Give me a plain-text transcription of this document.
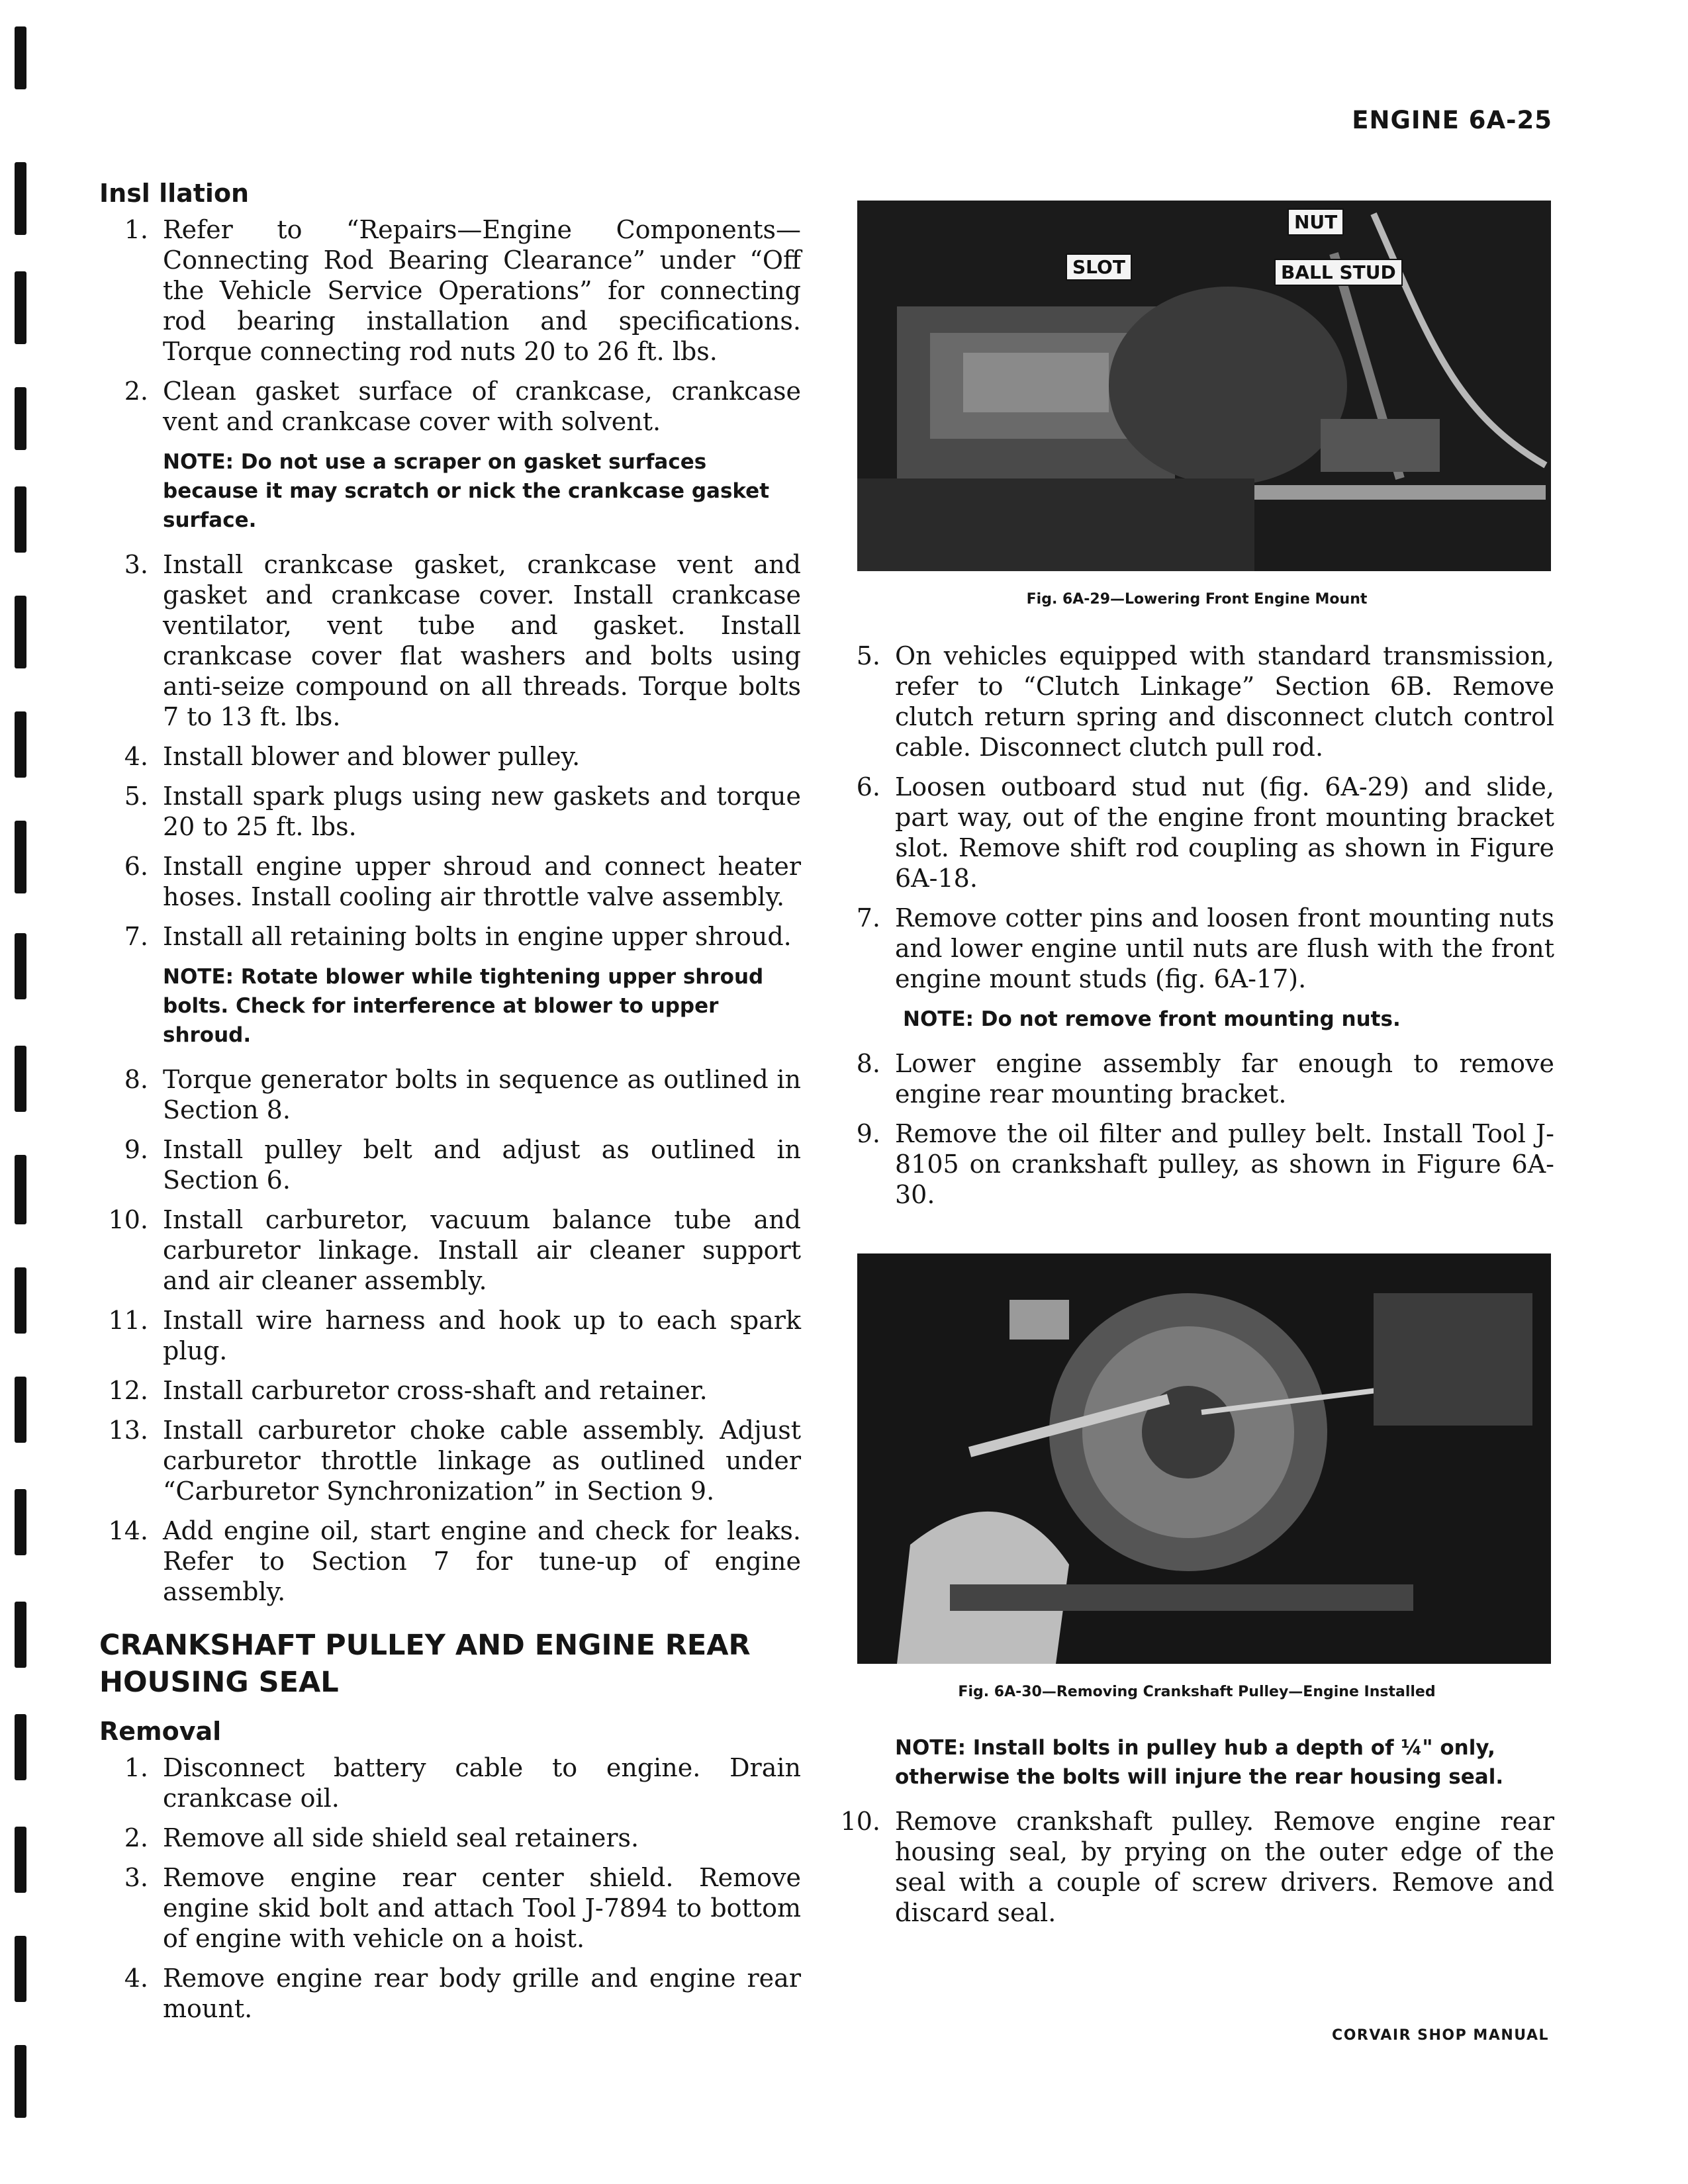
ENGINE 6A-25
Insl llation
1. Refer to “Repairs—Engine Components—Connecting Rod Bearing Clearance” under “Off the Vehicle Service Operations” for connecting rod bearing installation and specifications. Torque connecting rod nuts 20 to 26 ft. lbs.
2. Clean gasket surface of crankcase, crankcase vent and crankcase cover with solvent.
NOTE: Do not use a scraper on gasket surfaces because it may scratch or nick the crankcase gasket surface.
3. Install crankcase gasket, crankcase vent and gasket and crankcase cover. Install crankcase ventilator, vent tube and gasket. Install crankcase cover flat washers and bolts using anti-seize compound on all threads. Torque bolts 7 to 13 ft. lbs.
4. Install blower and blower pulley.
5. Install spark plugs using new gaskets and torque 20 to 25 ft. lbs.
6. Install engine upper shroud and connect heater hoses. Install cooling air throttle valve assembly.
7. Install all retaining bolts in engine upper shroud.
NOTE: Rotate blower while tightening upper shroud bolts. Check for interference at blower to upper shroud.
8. Torque generator bolts in sequence as outlined in Section 8.
9. Install pulley belt and adjust as outlined in Section 6.
10. Install carburetor, vacuum balance tube and carburetor linkage. Install air cleaner support and air cleaner assembly.
11. Install wire harness and hook up to each spark plug.
12. Install carburetor cross-shaft and retainer.
13. Install carburetor choke cable assembly. Adjust carburetor throttle linkage as outlined under “Carburetor Synchronization” in Section 9.
14. Add engine oil, start engine and check for leaks. Refer to Section 7 for tune-up of engine assembly.
CRANKSHAFT PULLEY AND ENGINE REAR
HOUSING SEAL
Removal
1. Disconnect battery cable to engine. Drain crankcase oil.
2. Remove all side shield seal retainers.
3. Remove engine rear center shield. Remove engine skid bolt and attach Tool J-7894 to bottom of engine with vehicle on a hoist.
4. Remove engine rear body grille and engine rear mount.
NUT
SLOT	BALL STUD
Fig. 6A-29—Lowering Front Engine Mount
5. On vehicles equipped with standard transmission, refer to “Clutch Linkage” Section 6B. Remove clutch return spring and disconnect clutch control cable. Disconnect clutch pull rod.
6. Loosen outboard stud nut (fig. 6A-29) and slide, part way, out of the engine front mounting bracket slot. Remove shift rod coupling as shown in Figure 6A-18.
7. Remove cotter pins and loosen front mounting nuts and lower engine until nuts are flush with the front engine mount studs (fig. 6A-17).
NOTE: Do not remove front mounting nuts.
8. Lower engine assembly far enough to remove engine rear mounting bracket.
9. Remove the oil filter and pulley belt. Install Tool J-8105 on crankshaft pulley, as shown in Figure 6A-30.
Fig. 6A-30—Removing Crankshaft Pulley—Engine Installed
NOTE: Install bolts in pulley hub a depth of ¼" only, otherwise the bolts will injure the rear housing seal.
10. Remove crankshaft pulley. Remove engine rear housing seal, by prying on the outer edge of the seal with a couple of screw drivers. Remove and discard seal.
CORVAIR SHOP MANUAL
